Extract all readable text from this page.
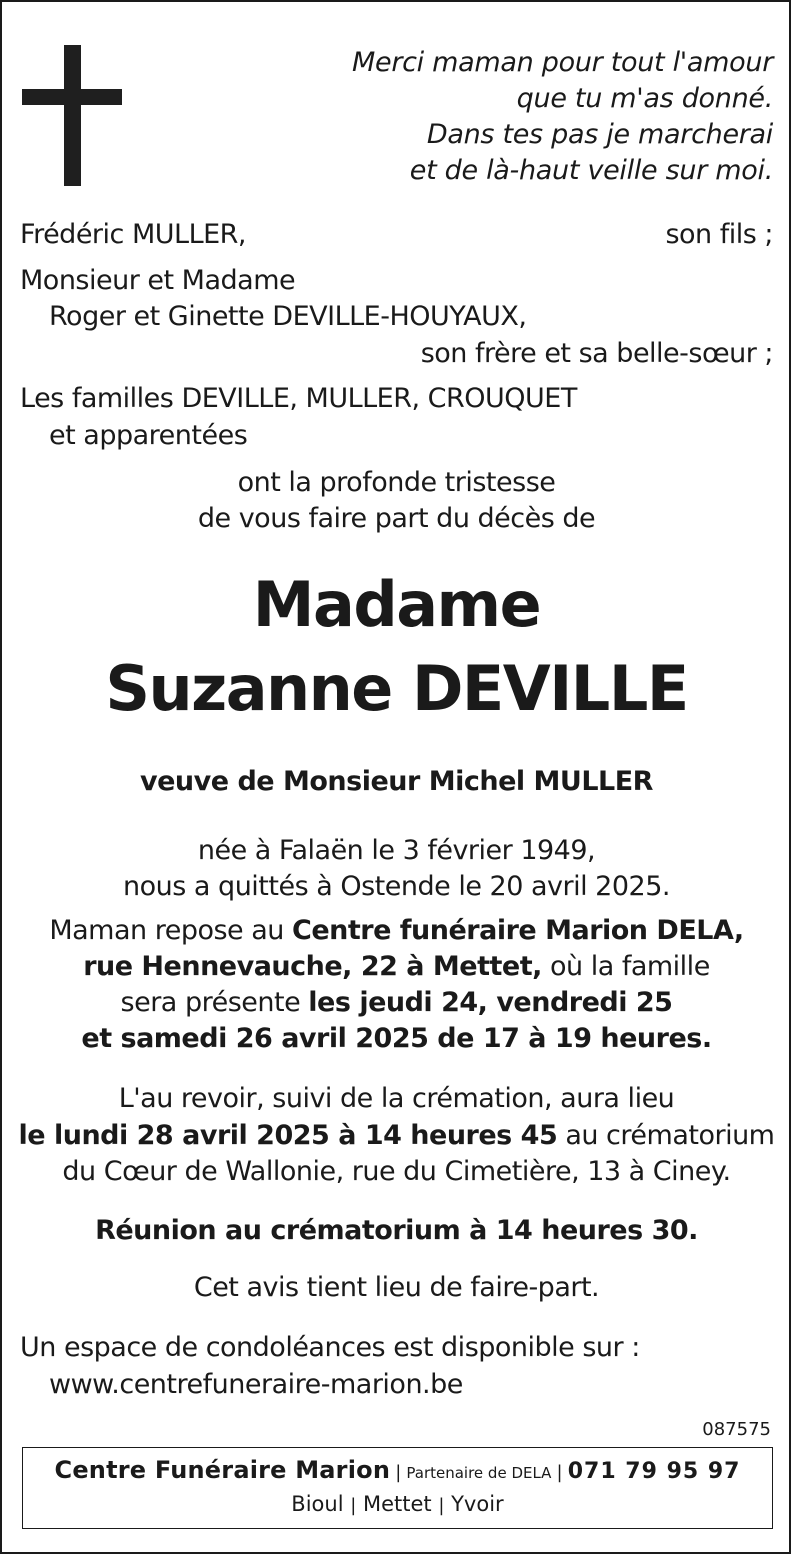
Merci maman pour tout l'amour
que tu m'as donné.
Dans tes pas je marcherai
et de là-haut veille sur moi.
Frédéric MULLER,	son fils ;
Monsieur et Madame
Roger et Ginette DEVILLE-HOUYAUX,
son frère et sa belle-sœur ;
Les familles DEVILLE, MULLER, CROUQUET
et apparentées
ont la profonde tristesse
de vous faire part du décès de
Madame
Suzanne DEVILLE
veuve de Monsieur Michel MULLER
née à Falaën le 3 février 1949,
nous a quittés à Ostende le 20 avril 2025.
Maman repose au Centre funéraire Marion DELA,
rue Hennevauche, 22 à Mettet, où la famille
sera présente les jeudi 24, vendredi 25
et samedi 26 avril 2025 de 17 à 19 heures.
L'au revoir, suivi de la crémation, aura lieu
le lundi 28 avril 2025 à 14 heures 45 au crématorium
du Cœur de Wallonie, rue du Cimetière, 13 à Ciney.
Réunion au crématorium à 14 heures 30.
Cet avis tient lieu de faire-part.
Un espace de condoléances est disponible sur :
www.centrefuneraire-marion.be
087575
Centre Funéraire Marion | Partenaire de DELA | 071 79 95 97
Bioul | Mettet | Yvoir
